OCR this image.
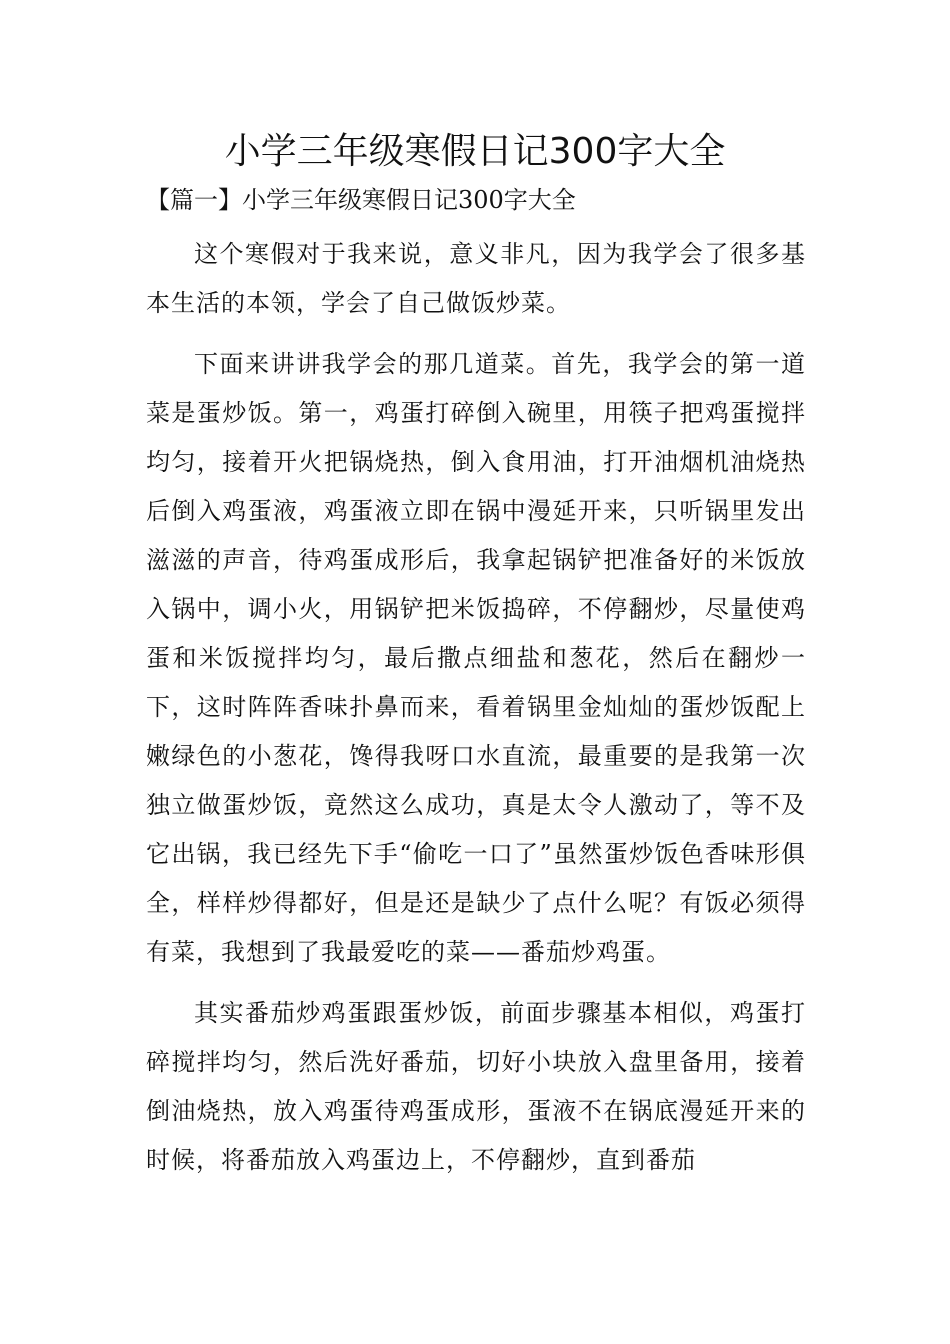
小学三年级寒假日记300字大全
【篇一】小学三年级寒假日记300字大全

这个寒假对于我来说，意义非凡，因为我学会了很多基本生活的本领，学会了自己做饭炒菜。

下面来讲讲我学会的那几道菜。首先，我学会的第一道菜是蛋炒饭。第一，鸡蛋打碎倒入碗里，用筷子把鸡蛋搅拌均匀，接着开火把锅烧热，倒入食用油，打开油烟机油烧热后倒入鸡蛋液，鸡蛋液立即在锅中漫延开来，只听锅里发出滋滋的声音，待鸡蛋成形后，我拿起锅铲把准备好的米饭放入锅中，调小火，用锅铲把米饭捣碎，不停翻炒，尽量使鸡蛋和米饭搅拌均匀，最后撒点细盐和葱花，然后在翻炒一下，这时阵阵香味扑鼻而来，看着锅里金灿灿的蛋炒饭配上嫩绿色的小葱花，馋得我呀口水直流，最重要的是我第一次独立做蛋炒饭，竟然这么成功，真是太令人激动了，等不及它出锅，我已经先下手“偷吃一口了”虽然蛋炒饭色香味形俱全，样样炒得都好，但是还是缺少了点什么呢？有饭必须得有菜，我想到了我最爱吃的菜——番茄炒鸡蛋。

其实番茄炒鸡蛋跟蛋炒饭，前面步骤基本相似，鸡蛋打碎搅拌均匀，然后洗好番茄，切好小块放入盘里备用，接着倒油烧热，放入鸡蛋待鸡蛋成形，蛋液不在锅底漫延开来的时候，将番茄放入鸡蛋边上，不停翻炒，直到番茄
